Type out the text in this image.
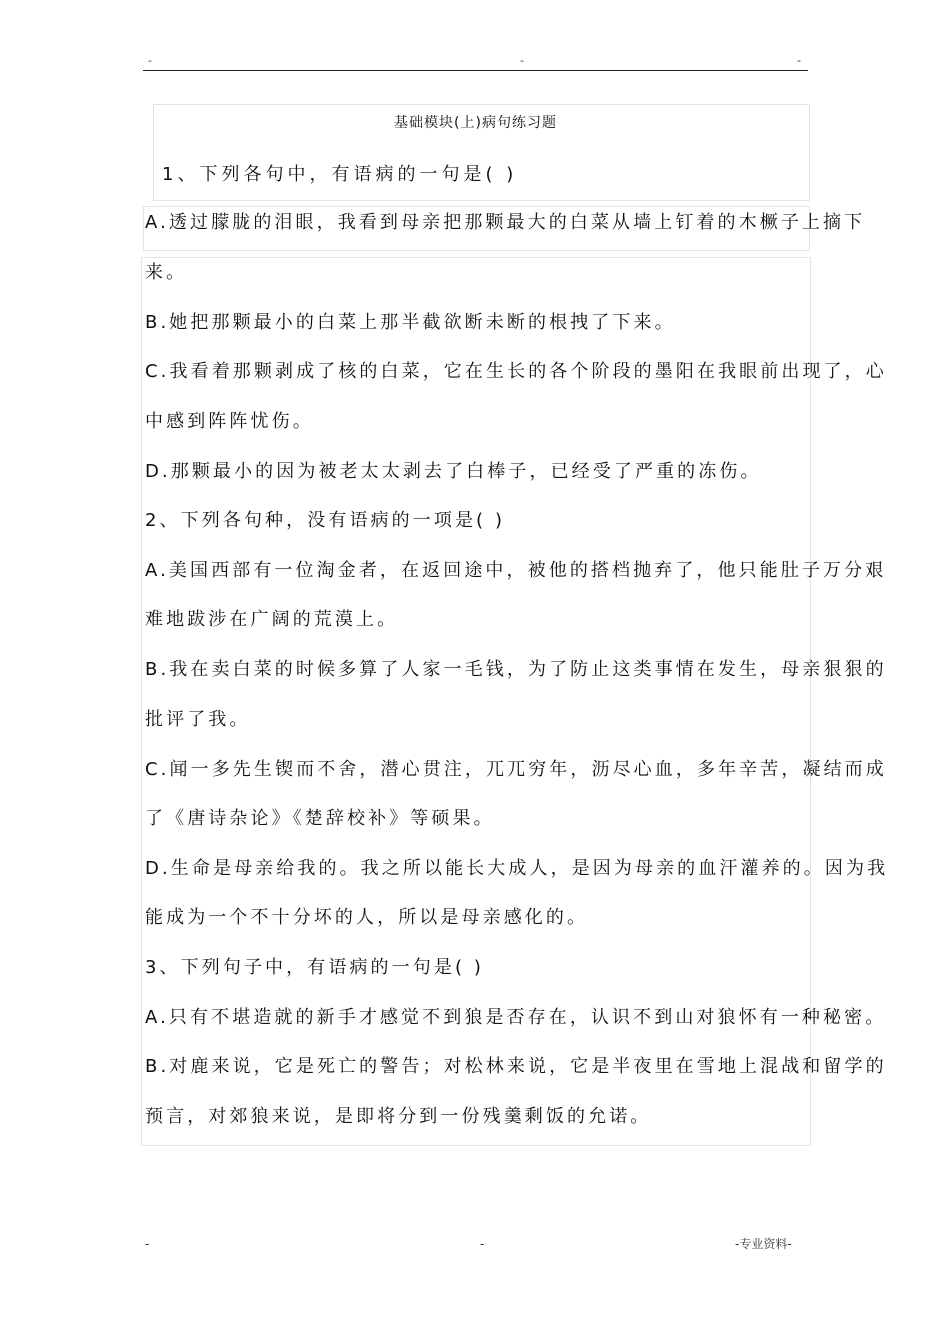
-	-	-
基础模块(上)病句练习题
1、下列各句中，有语病的一句是( )
A.透过朦胧的泪眼，我看到母亲把那颗最大的白菜从墙上钉着的木橛子上摘下
来。
B.她把那颗最小的白菜上那半截欲断未断的根拽了下来。
C.我看着那颗剥成了核的白菜，它在生长的各个阶段的墨阳在我眼前出现了，心
中感到阵阵忧伤。
D.那颗最小的因为被老太太剥去了白棒子，已经受了严重的冻伤。
2、下列各句种，没有语病的一项是( )
A.美国西部有一位淘金者，在返回途中，被他的搭档抛弃了，他只能肚子万分艰
难地跋涉在广阔的荒漠上。
B.我在卖白菜的时候多算了人家一毛钱，为了防止这类事情在发生，母亲狠狠的
批评了我。
C.闻一多先生锲而不舍，潜心贯注，兀兀穷年，沥尽心血，多年辛苦，凝结而成
了《唐诗杂论》《楚辞校补》等硕果。
D.生命是母亲给我的。我之所以能长大成人，是因为母亲的血汗灌养的。因为我
能成为一个不十分坏的人，所以是母亲感化的。
3、下列句子中，有语病的一句是( )
A.只有不堪造就的新手才感觉不到狼是否存在，认识不到山对狼怀有一种秘密。
B.对鹿来说，它是死亡的警告；对松林来说，它是半夜里在雪地上混战和留学的
预言，对郊狼来说，是即将分到一份残羹剩饭的允诺。
-	-	-专业资料-
